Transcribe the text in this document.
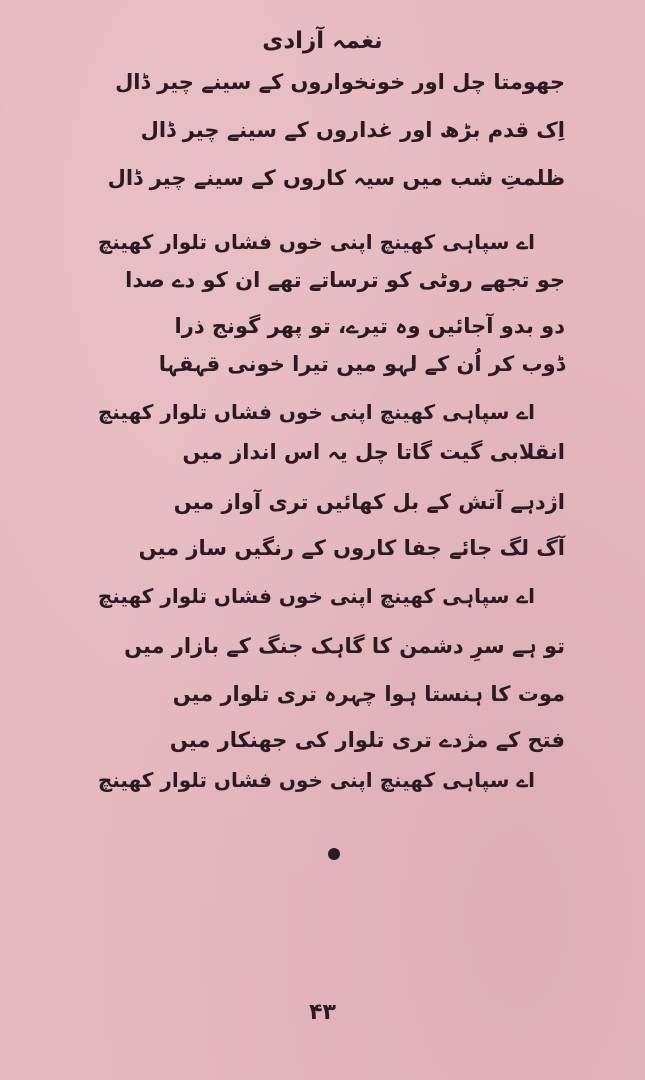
نغمہ آزادی
جھومتا چل اور خونخواروں کے سینے چیر ڈال
اِک قدم بڑھ اور غداروں کے سینے چیر ڈال
ظلمتِ شب میں سیہ کاروں کے سینے چیر ڈال
اے سپاہی کھینچ اپنی خوں فشاں تلوار کھینچ
جو تجھے روٹی کو ترساتے تھے ان کو دے صدا
دو بدو آجائیں وہ تیرے، تو پھر گونج ذرا
ڈوب کر اُن کے لہو میں تیرا خونی قہقہا
اے سپاہی کھینچ اپنی خوں فشاں تلوار کھینچ
انقلابی گیت گاتا چل یہ اس انداز میں
اژدہے آتش کے بل کھائیں تری آواز میں
آگ لگ جائے جفا کاروں کے رنگیں ساز میں
اے سپاہی کھینچ اپنی خوں فشاں تلوار کھینچ
تو ہے سرِ دشمن کا گاہک جنگ کے بازار میں
موت کا ہنستا ہوا چہرہ تری تلوار میں
فتح کے مژدے تری تلوار کی جھنکار میں
اے سپاہی کھینچ اپنی خوں فشاں تلوار کھینچ
۴۳
